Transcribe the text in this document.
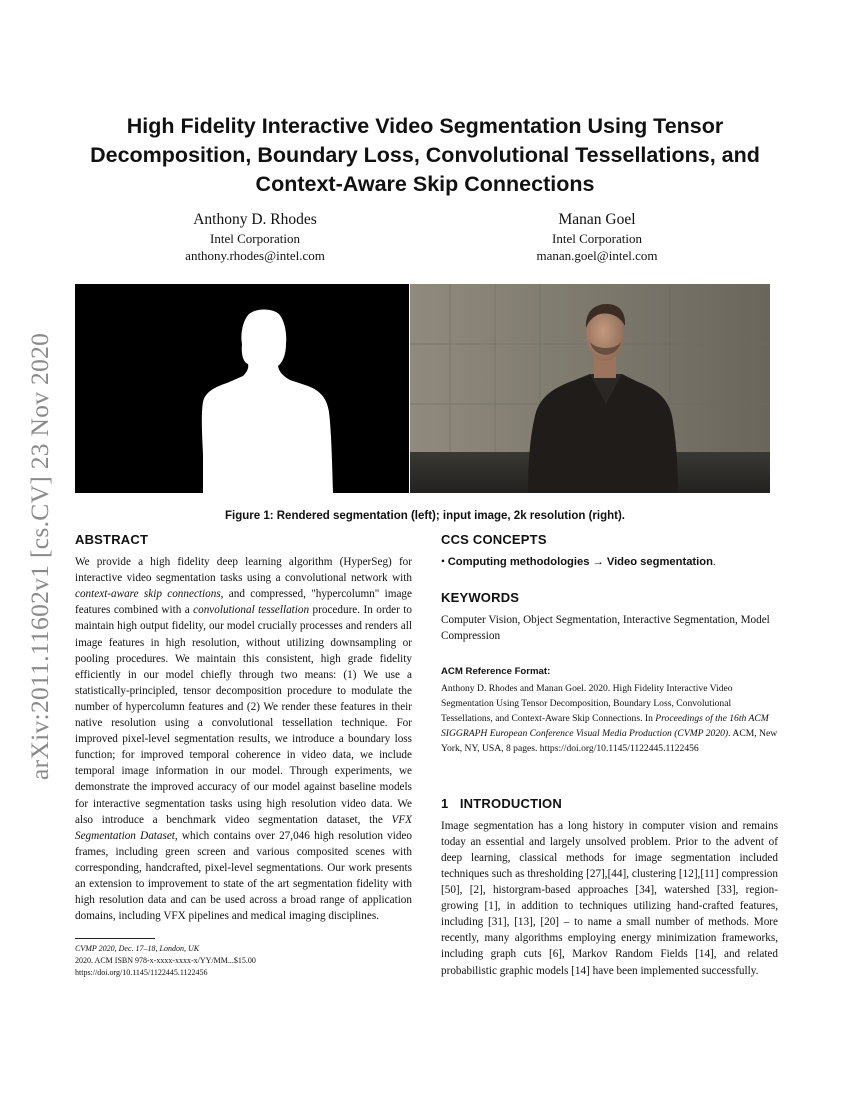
arXiv:2011.11602v1 [cs.CV] 23 Nov 2020
High Fidelity Interactive Video Segmentation Using Tensor Decomposition, Boundary Loss, Convolutional Tessellations, and Context-Aware Skip Connections
Anthony D. Rhodes
Intel Corporation
anthony.rhodes@intel.com
Manan Goel
Intel Corporation
manan.goel@intel.com
Figure 1: Rendered segmentation (left); input image, 2k resolution (right).
ABSTRACT

We provide a high fidelity deep learning algorithm (HyperSeg) for interactive video segmentation tasks using a convolutional network with context-aware skip connections, and compressed, "hypercolumn" image features combined with a convolutional tessellation procedure. In order to maintain high output fidelity, our model crucially processes and renders all image features in high resolution, without utilizing downsampling or pooling procedures. We maintain this consistent, high grade fidelity efficiently in our model chiefly through two means: (1) We use a statistically-principled, tensor decomposition procedure to modulate the number of hypercolumn features and (2) We render these features in their native resolution using a convolutional tessellation technique. For improved pixel-level segmentation results, we introduce a boundary loss function; for improved temporal coherence in video data, we include temporal image information in our model. Through experiments, we demonstrate the improved accuracy of our model against baseline models for interactive segmentation tasks using high resolution video data. We also introduce a benchmark video segmentation dataset, the VFX Segmentation Dataset, which contains over 27,046 high resolution video frames, including green screen and various composited scenes with corresponding, handcrafted, pixel-level segmentations. Our work presents an extension to improvement to state of the art segmentation fidelity with high resolution data and can be used across a broad range of application domains, including VFX pipelines and medical imaging disciplines.

CVMP 2020, Dec. 17–18, London, UK
2020. ACM ISBN 978-x-xxxx-xxxx-x/YY/MM...$15.00
https://doi.org/10.1145/1122445.1122456
CCS CONCEPTS

• Computing methodologies → Video segmentation.

KEYWORDS

Computer Vision, Object Segmentation, Interactive Segmentation, Model Compression

ACM Reference Format:

Anthony D. Rhodes and Manan Goel. 2020. High Fidelity Interactive Video Segmentation Using Tensor Decomposition, Boundary Loss, Convolutional Tessellations, and Context-Aware Skip Connections. In Proceedings of the 16th ACM SIGGRAPH European Conference Visual Media Production (CVMP 2020). ACM, New York, NY, USA, 8 pages. https://doi.org/10.1145/1122445.1122456

1 INTRODUCTION

Image segmentation has a long history in computer vision and remains today an essential and largely unsolved problem. Prior to the advent of deep learning, classical methods for image segmentation included techniques such as thresholding [27],[44], clustering [12],[11] compression [50], [2], historgram-based approaches [34], watershed [33], region-growing [1], in addition to techniques utilizing hand-crafted features, including [31], [13], [20] – to name a small number of methods. More recently, many algorithms employing energy minimization frameworks, including graph cuts [6], Markov Random Fields [14], and related probabilistic graphic models [14] have been implemented successfully.
